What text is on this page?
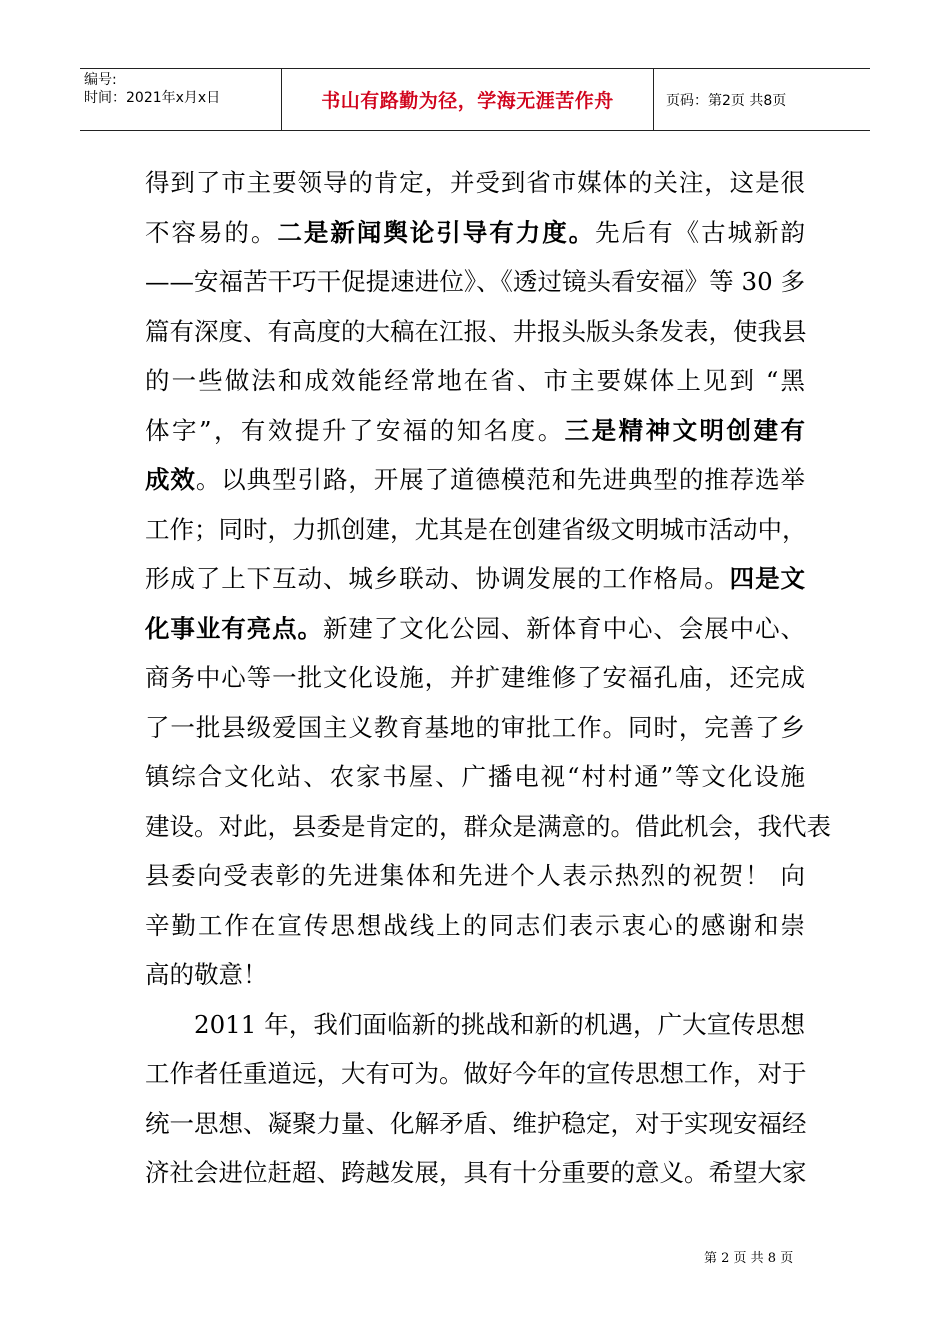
编号:
时间：2021年x月x日	书山有路勤为径，学海无涯苦作舟	页码：第2页 共8页
得到了市主要领导的肯定，并受到省市媒体的关注，这是很
不容易的。二是新闻舆论引导有力度。先后有《古城新韵
——安福苦干巧干促提速进位》、《透过镜头看安福》等 30 多
篇有深度、有高度的大稿在江报、井报头版头条发表，使我县
的一些做法和成效能经常地在省、市主要媒体上见到 “黑
体字”，有效提升了安福的知名度。三是精神文明创建有
成效。以典型引路，开展了道德模范和先进典型的推荐选举
工作；同时，力抓创建，尤其是在创建省级文明城市活动中，
形成了上下互动、城乡联动、协调发展的工作格局。四是文
化事业有亮点。新建了文化公园、新体育中心、会展中心、
商务中心等一批文化设施，并扩建维修了安福孔庙，还完成
了一批县级爱国主义教育基地的审批工作。同时，完善了乡
镇综合文化站、农家书屋、广播电视“村村通”等文化设施
建设。对此，县委是肯定的，群众是满意的。借此机会，我代表
县委向受表彰的先进集体和先进个人表示热烈的祝贺！ 向
辛勤工作在宣传思想战线上的同志们表示衷心的感谢和崇
高的敬意！
2011 年，我们面临新的挑战和新的机遇，广大宣传思想
工作者任重道远，大有可为。做好今年的宣传思想工作，对于
统一思想、凝聚力量、化解矛盾、维护稳定，对于实现安福经
济社会进位赶超、跨越发展，具有十分重要的意义。希望大家
第 2 页 共 8 页
